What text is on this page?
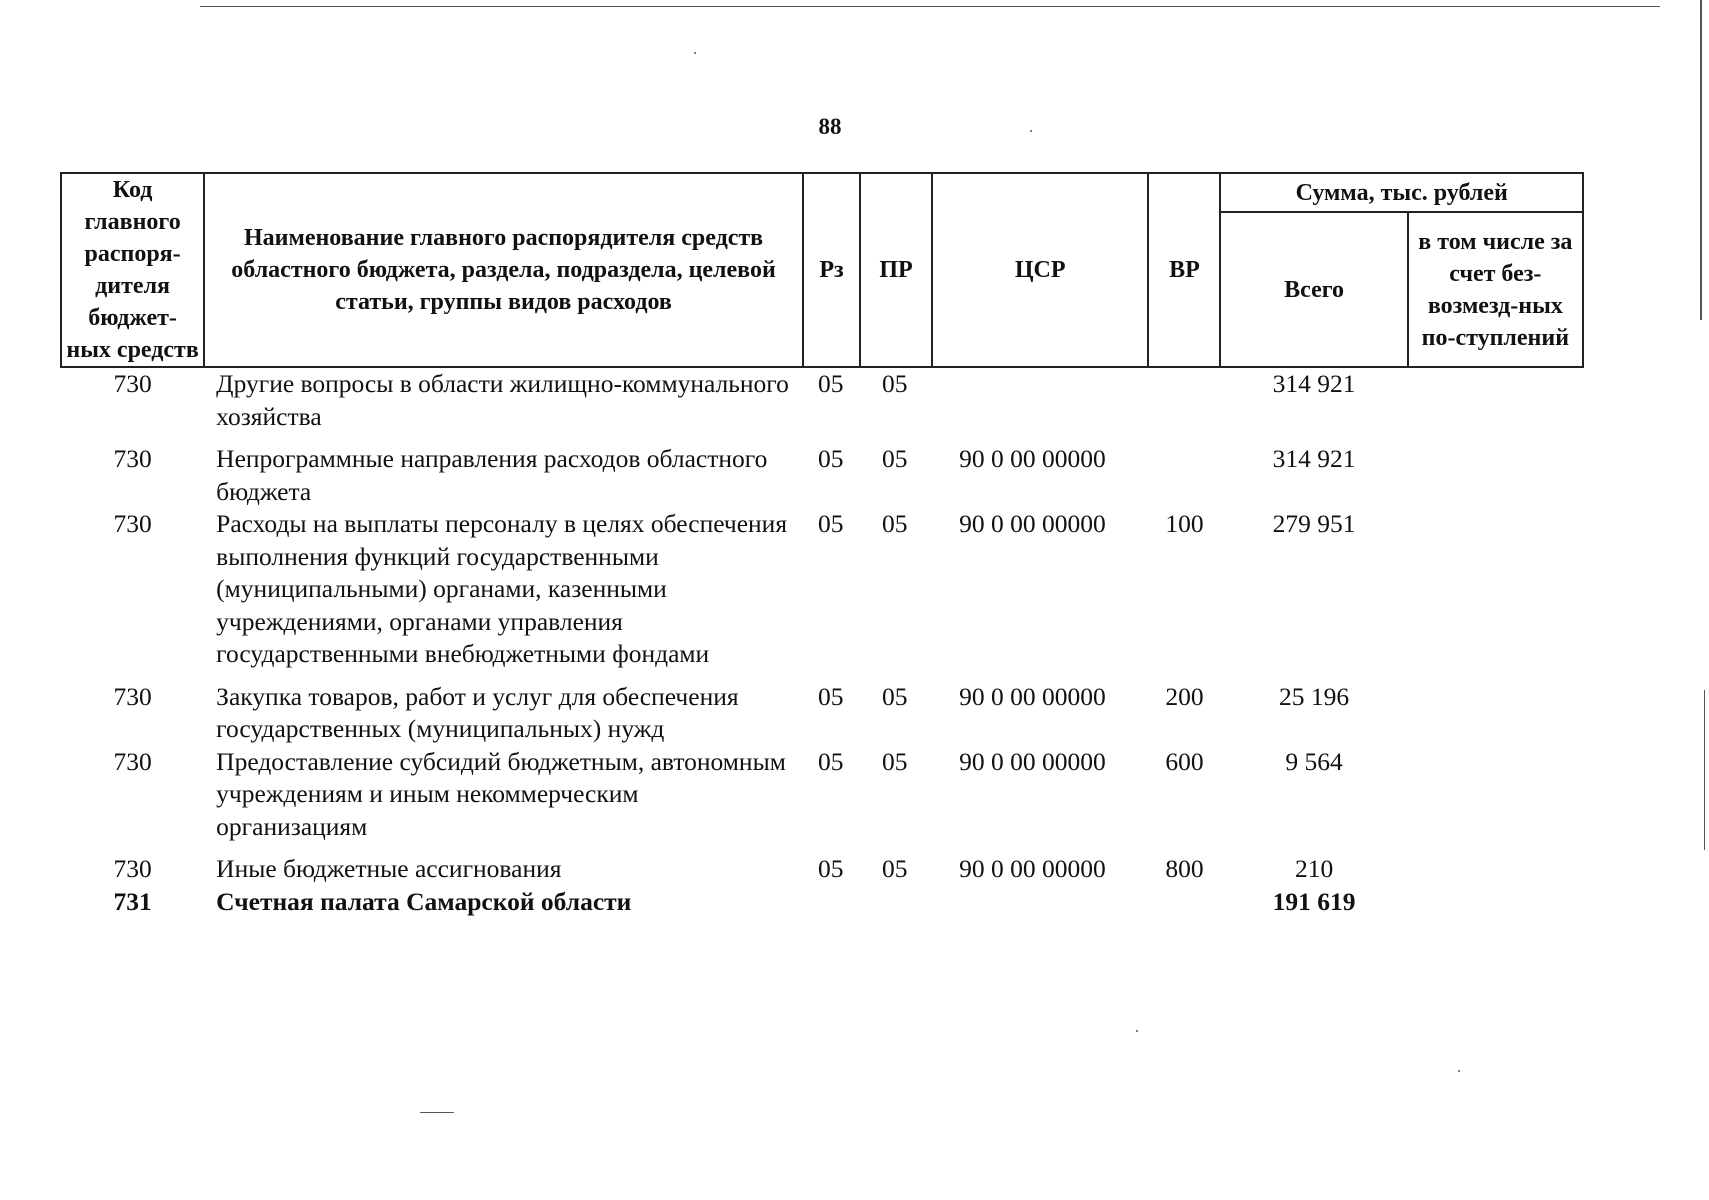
88
Код главного распоря-дителя бюджет-ных средств	Наименование главного распорядителя средств областного бюджета, раздела, подраздела, целевой статьи, группы видов расходов	Рз	ПР	ЦСР	ВР	Сумма, тыс. рублей	
						Всего	в том числе за счет без-возмезд-ных по-ступлений
730	Другие вопросы в области жилищно-коммунального хозяйства	05	05			314 921	
730	Непрограммные направления расходов областного бюджета	05	05	90 0 00 00000		314 921	
730	Расходы на выплаты персоналу в целях обеспечения выполнения функций государственными (муниципальными) органами, казенными учреждениями, органами управления государственными внебюджетными фондами	05	05	90 0 00 00000	100	279 951	
730	Закупка товаров, работ и услуг для обеспечения государственных (муниципальных) нужд	05	05	90 0 00 00000	200	25 196	
730	Предоставление субсидий бюджетным, автономным учреждениям и иным некоммерческим организациям	05	05	90 0 00 00000	600	9 564	
730	Иные бюджетные ассигнования	05	05	90 0 00 00000	800	210	
731	Счетная палата Самарской области					191 619	
